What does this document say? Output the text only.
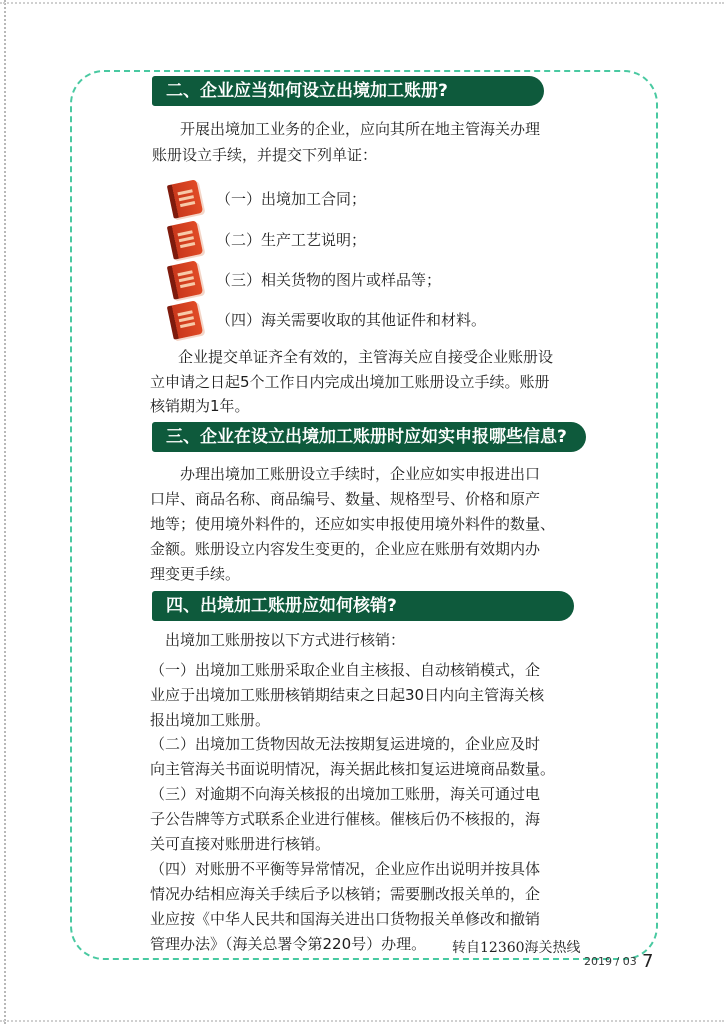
二、企业应当如何设立出境加工账册?
开展出境加工业务的企业，应向其所在地主管海关办理
账册设立手续，并提交下列单证：
（一）出境加工合同；
（二）生产工艺说明；
（三）相关货物的图片或样品等；
（四）海关需要收取的其他证件和材料。
企业提交单证齐全有效的，主管海关应自接受企业账册设
立申请之日起5个工作日内完成出境加工账册设立手续。账册
核销期为1年。
三、企业在设立出境加工账册时应如实申报哪些信息?
办理出境加工账册设立手续时，企业应如实申报进出口
口岸、商品名称、商品编号、数量、规格型号、价格和原产
地等；使用境外料件的，还应如实申报使用境外料件的数量、
金额。账册设立内容发生变更的，企业应在账册有效期内办
理变更手续。
四、出境加工账册应如何核销?
出境加工账册按以下方式进行核销：
（一）出境加工账册采取企业自主核报、自动核销模式，企
业应于出境加工账册核销期结束之日起30日内向主管海关核
报出境加工账册。
（二）出境加工货物因故无法按期复运进境的，企业应及时
向主管海关书面说明情况，海关据此核扣复运进境商品数量。
（三）对逾期不向海关核报的出境加工账册，海关可通过电
子公告牌等方式联系企业进行催核。催核后仍不核报的，海
关可直接对账册进行核销。
（四）对账册不平衡等异常情况，企业应作出说明并按具体
情况办结相应海关手续后予以核销；需要删改报关单的，企
业应按《中华人民共和国海关进出口货物报关单修改和撤销
管理办法》（海关总署令第220号）办理。 转自12360海关热线
2019 / 03 7
